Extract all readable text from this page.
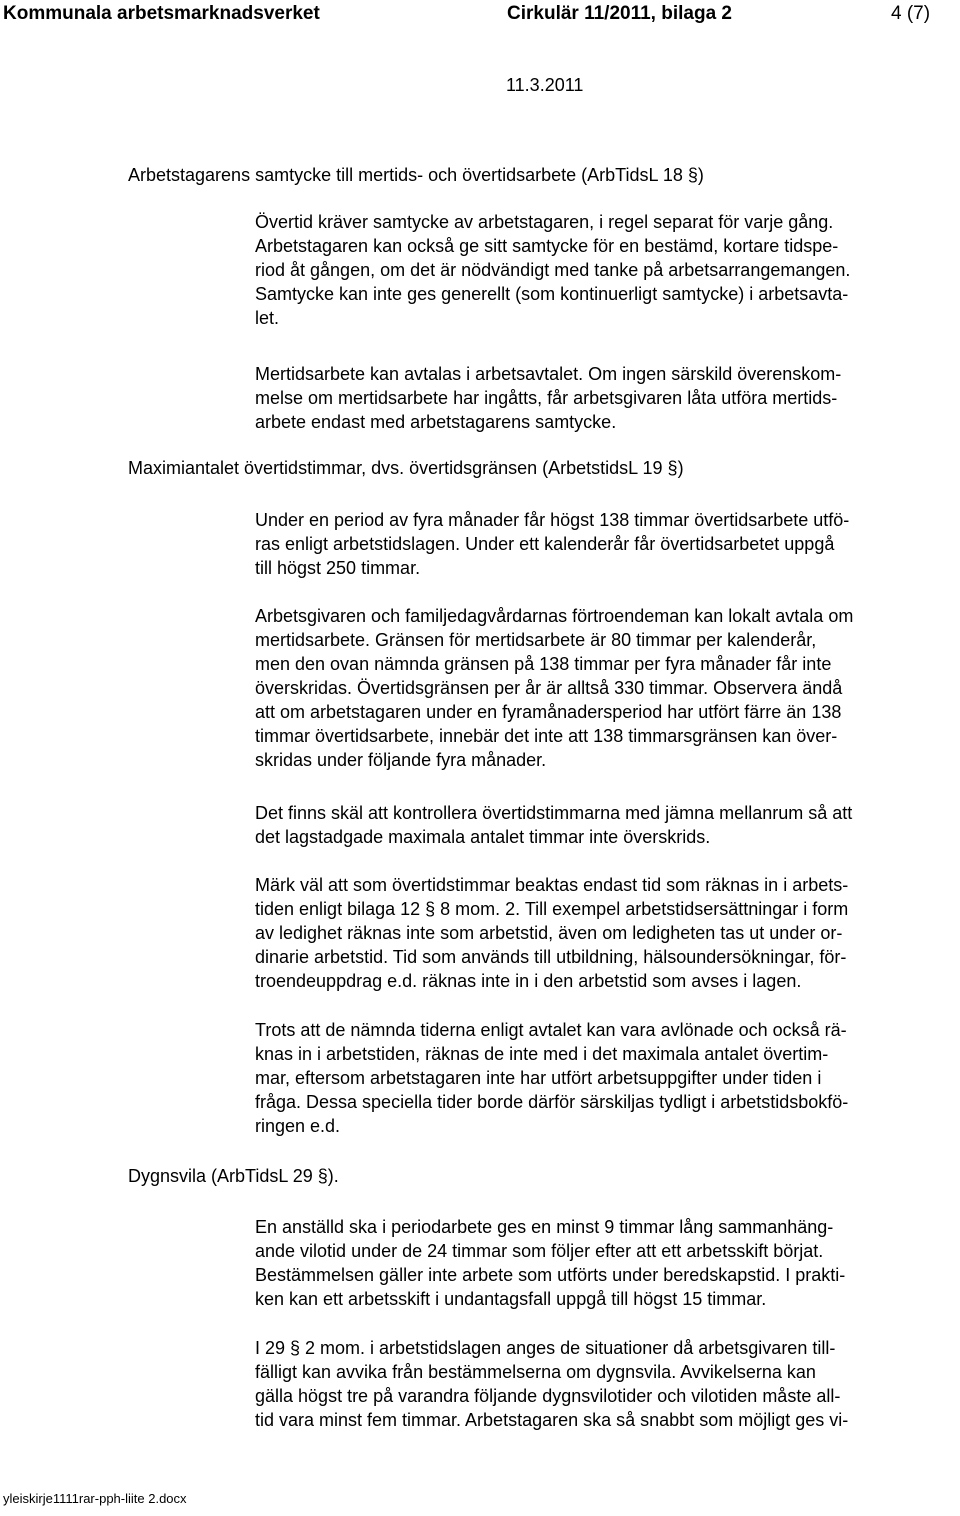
Kommunala arbetsmarknadsverket	Cirkulär 11/2011, bilaga 2	4 (7)
11.3.2011
Arbetstagarens samtycke till mertids- och övertidsarbete (ArbTidsL 18 §)
Övertid kräver samtycke av arbetstagaren, i regel separat för varje gång.
Arbetstagaren kan också ge sitt samtycke för en bestämd, kortare tidspe-
riod åt gången, om det är nödvändigt med tanke på arbetsarrangemangen.
Samtycke kan inte ges generellt (som kontinuerligt samtycke) i arbetsavta-
let.
Mertidsarbete kan avtalas i arbetsavtalet. Om ingen särskild överenskom-
melse om mertidsarbete har ingåtts, får arbetsgivaren låta utföra mertids-
arbete endast med arbetstagarens samtycke.
Maximiantalet övertidstimmar, dvs. övertidsgränsen (ArbetstidsL 19 §)
Under en period av fyra månader får högst 138 timmar övertidsarbete utfö-
ras enligt arbetstidslagen. Under ett kalenderår får övertidsarbetet uppgå
till högst 250 timmar.
Arbetsgivaren och familjedagvårdarnas förtroendeman kan lokalt avtala om
mertidsarbete. Gränsen för mertidsarbete är 80 timmar per kalenderår,
men den ovan nämnda gränsen på 138 timmar per fyra månader får inte
överskridas. Övertidsgränsen per år är alltså 330 timmar. Observera ändå
att om arbetstagaren under en fyramånadersperiod har utfört färre än 138
timmar övertidsarbete, innebär det inte att 138 timmarsgränsen kan över-
skridas under följande fyra månader.
Det finns skäl att kontrollera övertidstimmarna med jämna mellanrum så att
det lagstadgade maximala antalet timmar inte överskrids.
Märk väl att som övertidstimmar beaktas endast tid som räknas in i arbets-
tiden enligt bilaga 12 § 8 mom. 2. Till exempel arbetstidsersättningar i form
av ledighet räknas inte som arbetstid, även om ledigheten tas ut under or-
dinarie arbetstid. Tid som används till utbildning, hälsoundersökningar, för-
troendeuppdrag e.d. räknas inte in i den arbetstid som avses i lagen.
Trots att de nämnda tiderna enligt avtalet kan vara avlönade och också rä-
knas in i arbetstiden, räknas de inte med i det maximala antalet övertim-
mar, eftersom arbetstagaren inte har utfört arbetsuppgifter under tiden i
fråga. Dessa speciella tider borde därför särskiljas tydligt i arbetstidsbokfö-
ringen e.d.
Dygnsvila (ArbTidsL 29 §).
En anställd ska i periodarbete ges en minst 9 timmar lång sammanhäng-
ande vilotid under de 24 timmar som följer efter att ett arbetsskift börjat.
Bestämmelsen gäller inte arbete som utförts under beredskapstid. I prakti-
ken kan ett arbetsskift i undantagsfall uppgå till högst 15 timmar.
I 29 § 2 mom. i arbetstidslagen anges de situationer då arbetsgivaren till-
fälligt kan avvika från bestämmelserna om dygnsvila. Avvikelserna kan
gälla högst tre på varandra följande dygnsvilotider och vilotiden måste all-
tid vara minst fem timmar. Arbetstagaren ska så snabbt som möjligt ges vi-
yleiskirje1111rar-pph-liite 2.docx
